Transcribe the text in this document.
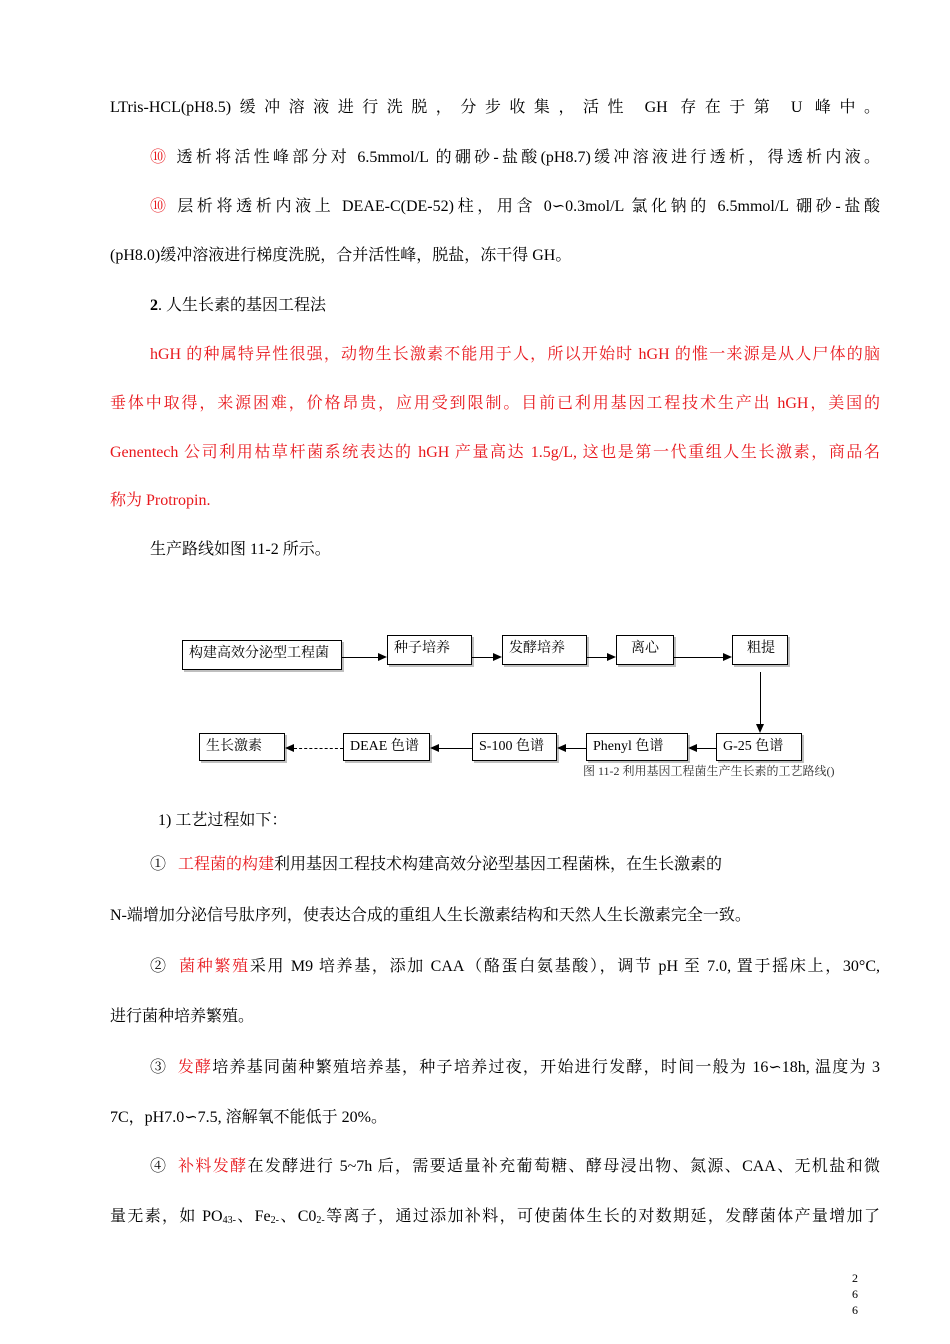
LTris-HCL(pH8.5)缓冲溶液进行洗脱，分步收集，活性 GH 存在于第 U 峰中。
⑩ 透析将活性峰部分对 6.5mmol/L 的硼砂-盐酸(pH8.7)缓冲溶液进行透析，得透析内液。
⑩ 层析将透析内液上 DEAE-C(DE-52)柱，用含 0∽0.3mol/L 氯化钠的 6.5mmol/L 硼砂-盐酸
(pH8.0)缓冲溶液进行梯度洗脱，合并活性峰，脱盐，冻干得 GH。
2. 人生长素的基因工程法
hGH 的种属特异性很强，动物生长激素不能用于人，所以开始时 hGH 的惟一来源是从人尸体的脑
垂体中取得，来源困难，价格昂贵，应用受到限制。目前已利用基因工程技术生产出 hGH，美国的
Genentech 公司利用枯草杆菌系统表达的 hGH 产量高达 1.5g/L, 这也是第一代重组人生长激素，商品名
称为 Protropin.
生产路线如图 11-2 所示。
构建高效分泌型工程菌	种子培养	发酵培养	离心	粗提
G-25 色谱
Phenyl 色谱
S-100 色谱
DEAE 色谱
生长激素
图 11-2 利用基因工程菌生产生长素的工艺路线()
1) 工艺过程如下：
① 工程菌的构建利用基因工程技术构建高效分泌型基因工程菌株，在生长激素的
N-端增加分泌信号肽序列，使表达合成的重组人生长激素结构和天然人生长激素完全一致。
② 菌种繁殖采用 M9 培养基，添加 CAA（酪蛋白氨基酸），调节 pH 至 7.0, 置于摇床上，30°C,
进行菌种培养繁殖。
③ 发酵培养基同菌种繁殖培养基，种子培养过夜，开始进行发酵，时间一般为 16∽18h, 温度为 3
7C，pH7.0∽7.5, 溶解氧不能低于 20%。
④ 补料发酵在发酵进行 5~7h 后，需要适量补充葡萄糖、酵母浸出物、氮源、CAA、无机盐和微
量无素，如 $PO_{43-}$、$Fe_{2-}$、$C0_{2-}$等离子，通过添加补料，可使菌体生长的对数期延，发酵菌体产量增加了
2
6
6
